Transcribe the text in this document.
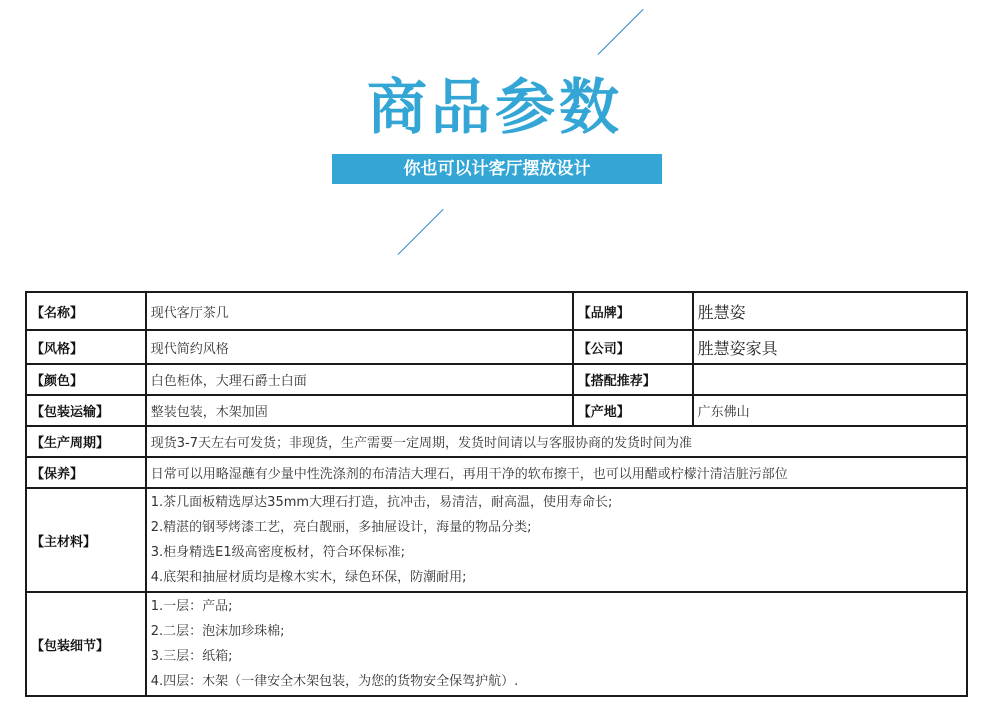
商品参数
你也可以计客厅摆放设计
【名称】	现代客厅茶几	【品牌】	胜慧姿
【风格】	现代简约风格	【公司】	胜慧姿家具
【颜色】	白色柜体，大理石爵士白面	【搭配推荐】	
【包装运输】	整装包装，木架加固	【产地】	广东佛山
【生产周期】	现货3-7天左右可发货；非现货，生产需要一定周期，发货时间请以与客服协商的发货时间为准		
【保养】	日常可以用略湿蘸有少量中性洗涤剂的布清洁大理石，再用干净的软布擦干，也可以用醋或柠檬汁清洁脏污部位		
【主材料】	1.茶几面板精选厚达35mm大理石打造，抗冲击，易清洁，耐高温，使用寿命长;
2.精湛的钢琴烤漆工艺，亮白靓丽，多抽屉设计，海量的物品分类;
3.柜身精选E1级高密度板材，符合环保标准;
4.底架和抽屉材质均是橡木实木，绿色环保，防潮耐用;		

【包装细节】	1.一层：产品;
2.二层：泡沫加珍珠棉;
3.三层：纸箱;
4.四层：木架（一律安全木架包装，为您的货物安全保驾护航）.		
